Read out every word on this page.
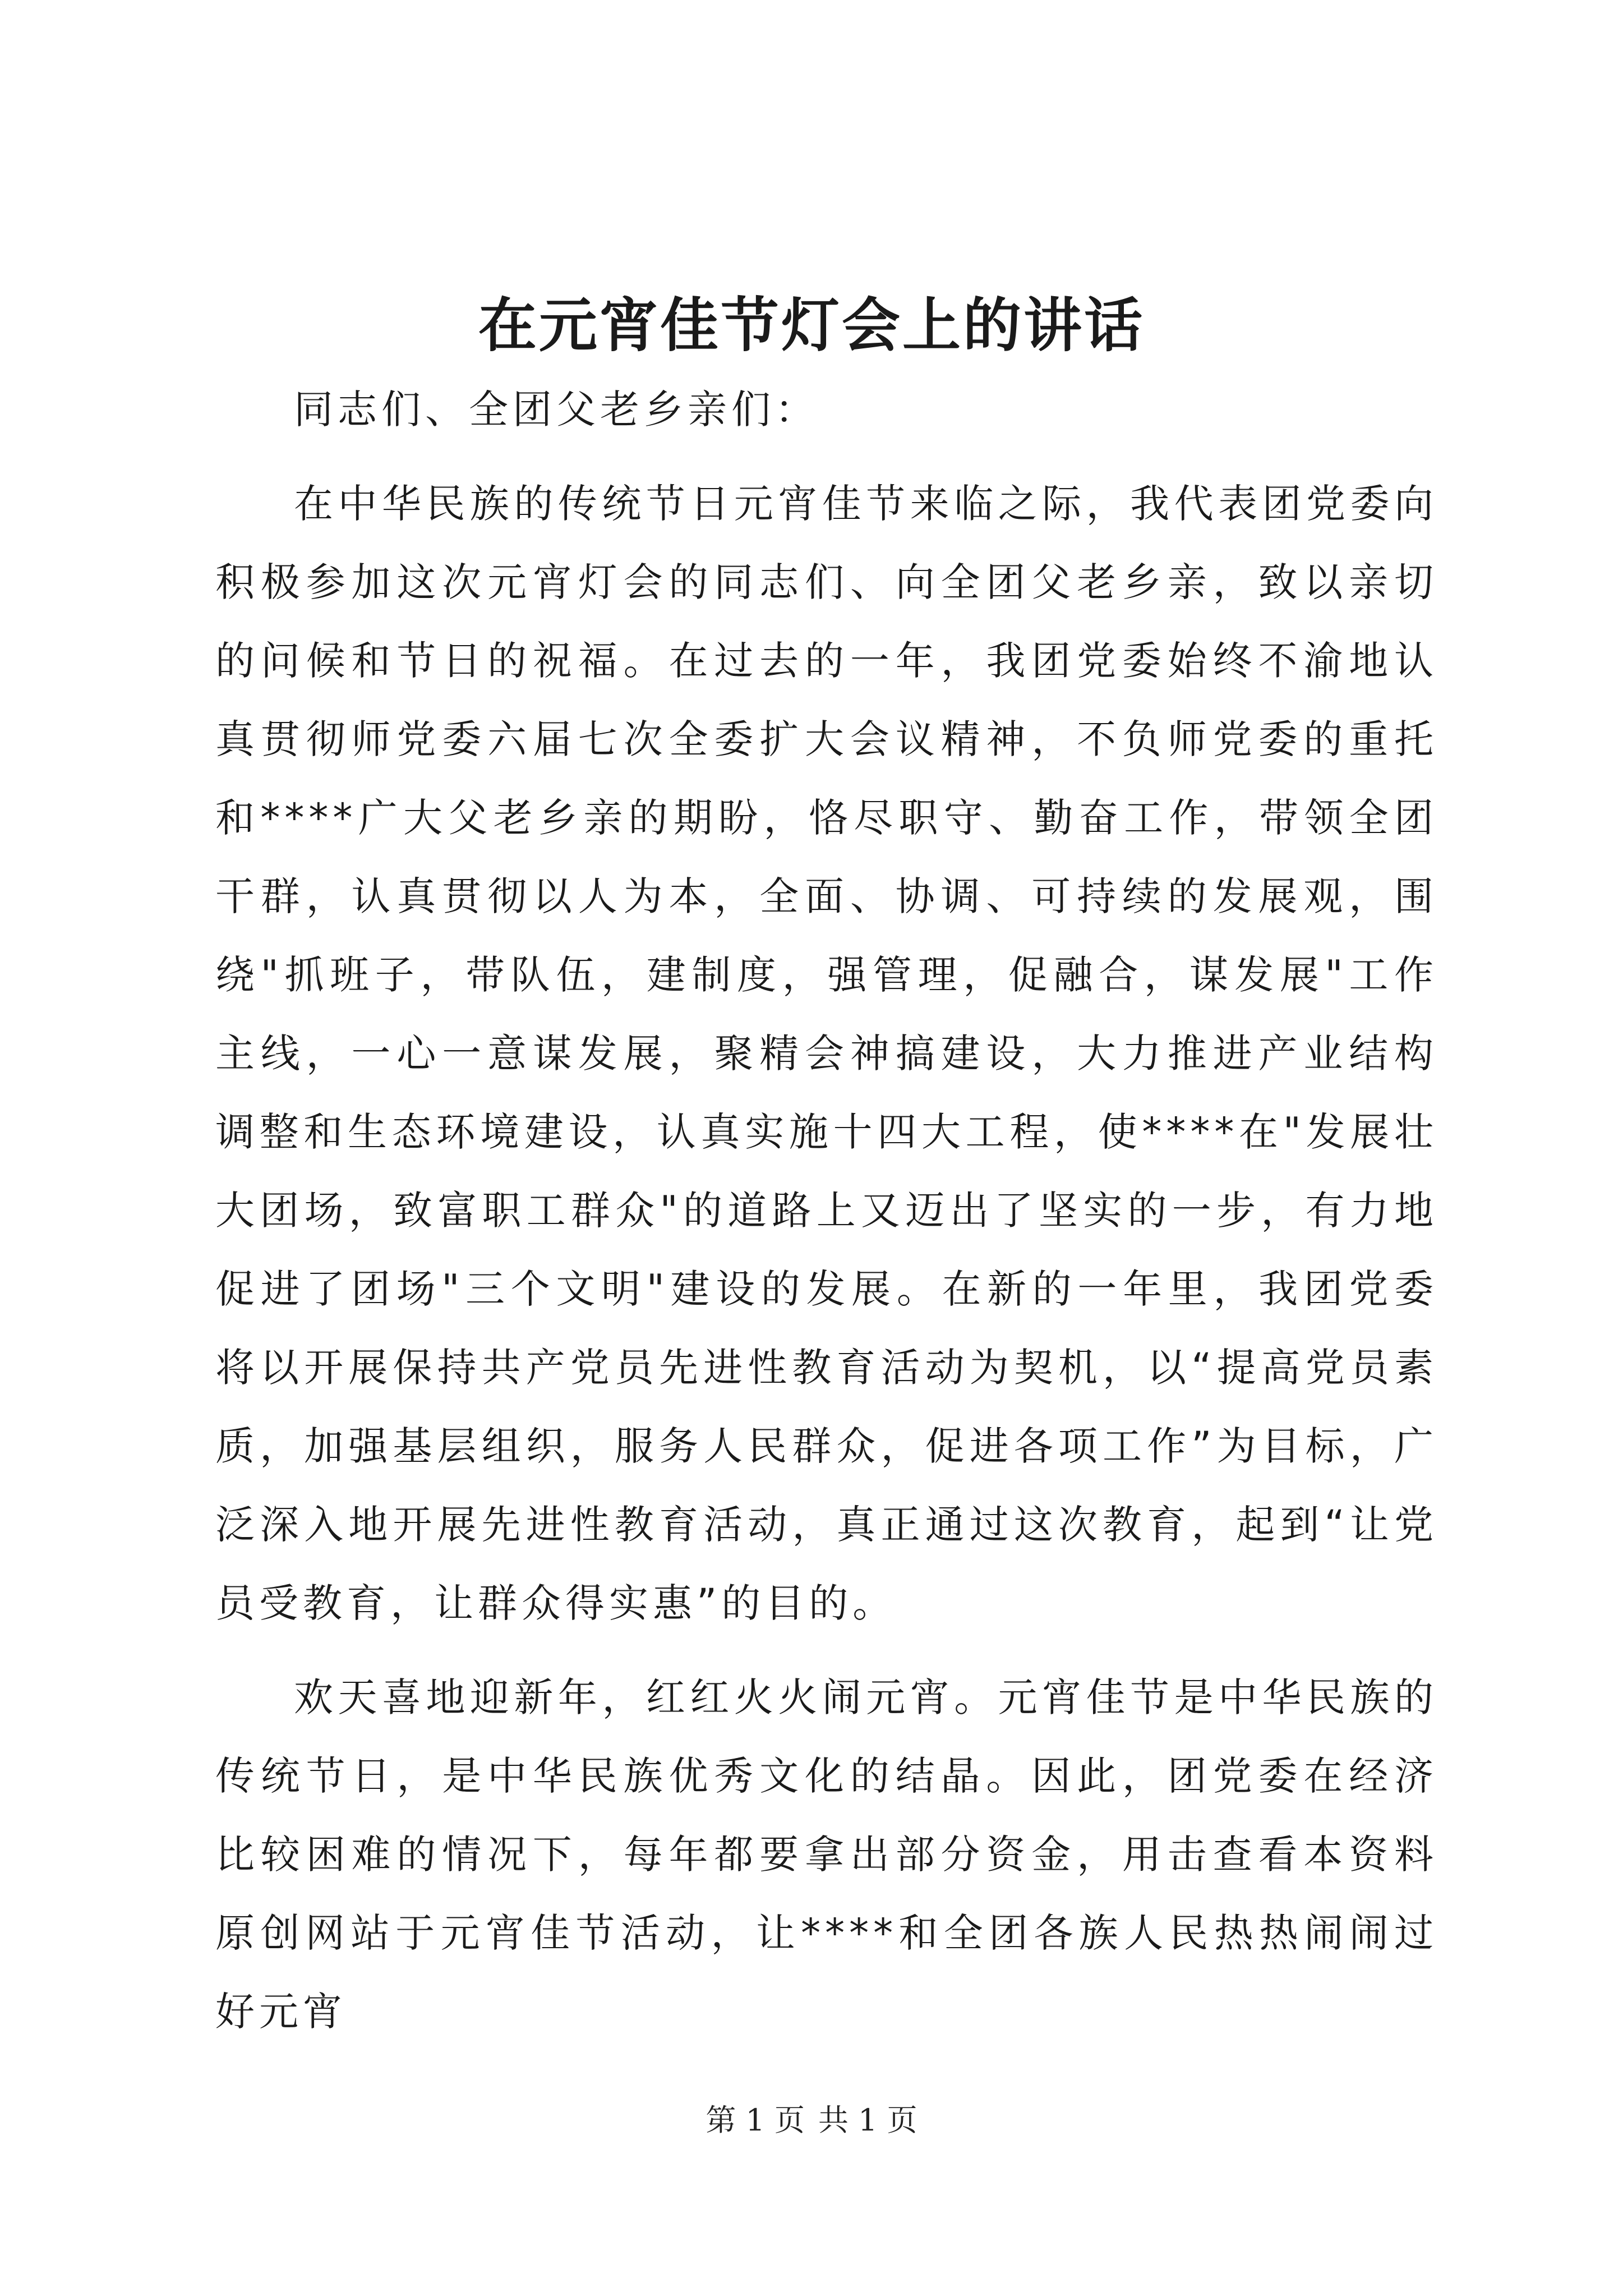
在元宵佳节灯会上的讲话

同志们、全团父老乡亲们：

在中华民族的传统节日元宵佳节来临之际，我代表团党委向积极参加这次元宵灯会的同志们、向全团父老乡亲，致以亲切的问候和节日的祝福。在过去的一年，我团党委始终不渝地认真贯彻师党委六届七次全委扩大会议精神，不负师党委的重托和****广大父老乡亲的期盼，恪尽职守、勤奋工作，带领全团干群，认真贯彻以人为本，全面、协调、可持续的发展观，围绕"抓班子，带队伍，建制度，强管理，促融合，谋发展"工作主线，一心一意谋发展，聚精会神搞建设，大力推进产业结构调整和生态环境建设，认真实施十四大工程，使****在"发展壮大团场，致富职工群众"的道路上又迈出了坚实的一步，有力地促进了团场"三个文明"建设的发展。在新的一年里，我团党委将以开展保持共产党员先进性教育活动为契机，以“提高党员素质，加强基层组织，服务人民群众，促进各项工作”为目标，广泛深入地开展先进性教育活动，真正通过这次教育，起到“让党员受教育，让群众得实惠”的目的。

欢天喜地迎新年，红红火火闹元宵。元宵佳节是中华民族的传统节日，是中华民族优秀文化的结晶。因此，团党委在经济比较困难的情况下，每年都要拿出部分资金，用击查看本资料原创网站于元宵佳节活动，让****和全团各族人民热热闹闹过好元宵

第 1 页 共 1 页
